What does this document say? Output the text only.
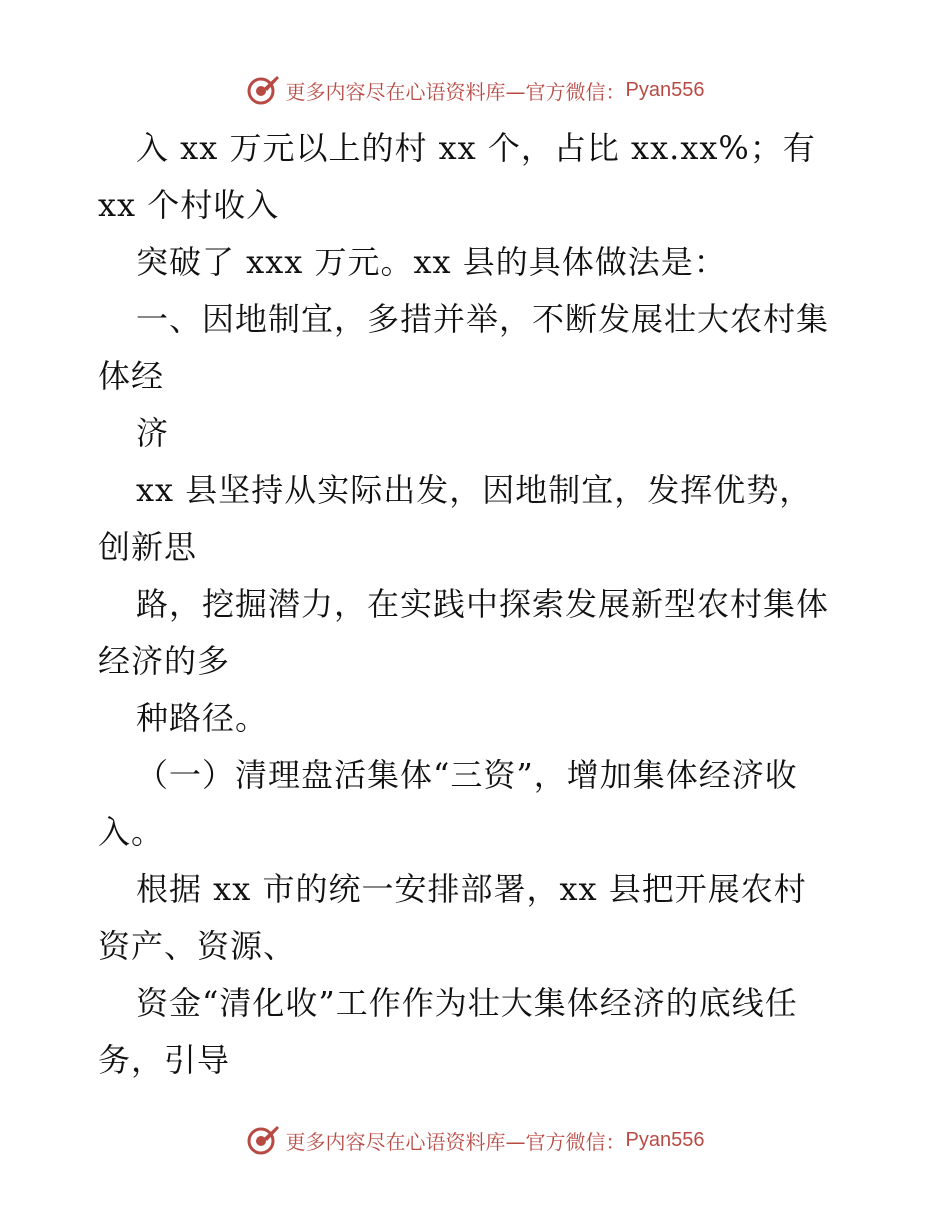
更多内容尽在心语资料库—官方微信： Pyan556
入 xx 万元以上的村 xx 个，占比 xx.xx%；有
xx 个村收入
突破了 xxx 万元。xx 县的具体做法是：
一、因地制宜，多措并举，不断发展壮大农村集
体经
济
xx 县坚持从实际出发，因地制宜，发挥优势，
创新思
路，挖掘潜力，在实践中探索发展新型农村集体
经济的多
种路径。
（一）清理盘活集体“三资”，增加集体经济收
入。
根据 xx 市的统一安排部署，xx 县把开展农村
资产、资源、
资金“清化收”工作作为壮大集体经济的底线任
务，引导
更多内容尽在心语资料库—官方微信： Pyan556
